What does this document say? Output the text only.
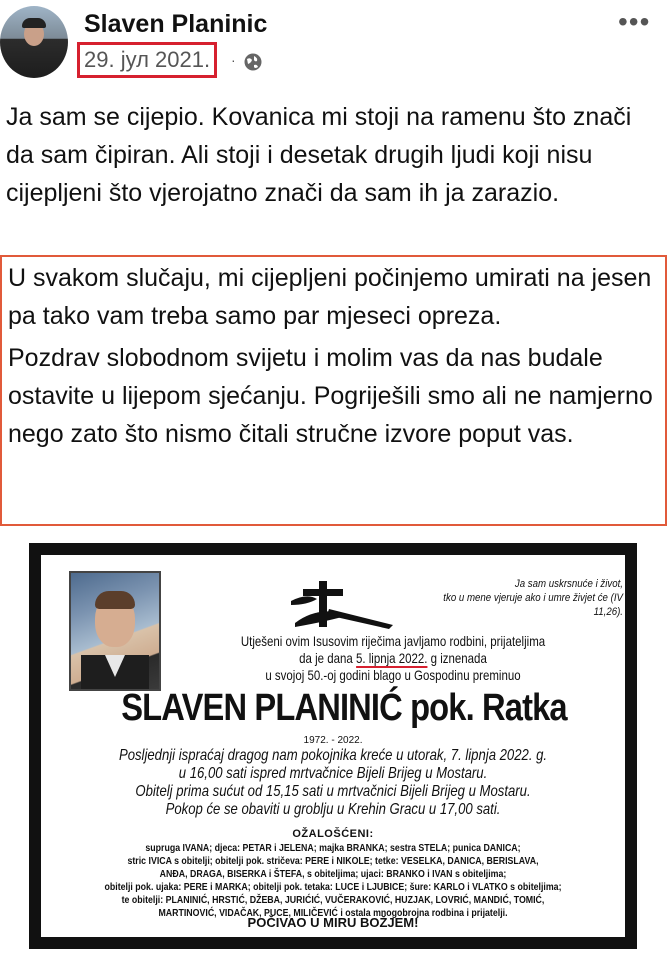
Slaven Planinic	•••
29. јул 2021.	·

Ja sam se cijepio. Kovanica mi stoji na ramenu što znači da sam čipiran. Ali stoji i desetak drugih ljudi koji nisu cijepljeni što vjerojatno znači da sam ih ja zarazio.

U svakom slučaju, mi cijepljeni počinjemo umirati na jesen pa tako vam treba samo par mjeseci opreza.

Pozdrav slobodnom svijetu i molim vas da nas budale ostavite u lijepom sjećanju. Pogriješili smo ali ne namjerno nego zato što nismo čitali stručne izvore poput vas.

Ja sam uskrsnuće i život,
tko u mene vjeruje ako i umre živjet će (IV 11,26).
Utješeni ovim Isusovim riječima javljamo rodbini, prijateljima
da je dana 5. lipnja 2022. g iznenada
u svojoj 50.-oj godini blago u Gospodinu preminuo
SLAVEN PLANINIĆ pok. Ratka
1972. - 2022.
Posljednji ispraćaj dragog nam pokojnika kreće u utorak, 7. lipnja 2022. g.
u 16,00 sati ispred mrtvačnice Bijeli Brijeg u Mostaru.
Obitelj prima sućut od 15,15 sati u mrtvačnici Bijeli Brijeg u Mostaru.
Pokop će se obaviti u groblju u Krehin Gracu u 17,00 sati.
OŽALOŠĆENI:
supruga IVANA; djeca: PETAR i JELENA; majka BRANKA; sestra STELA; punica DANICA;
stric IVICA s obitelji; obitelji pok. stričeva: PERE i NIKOLE; tetke: VESELKA, DANICA, BERISLAVA,
ANĐA, DRAGA, BISERKA i ŠTEFA, s obiteljima; ujaci: BRANKO i IVAN s obiteljima;
obitelji pok. ujaka: PERE i MARKA; obitelji pok. tetaka: LUCE i LJUBICE; šure: KARLO i VLATKO s obiteljima;
te obitelji: PLANINIĆ, HRSTIĆ, DŽEBA, JURIĆIĆ, VUČERAKOVIĆ, HUZJAK, LOVRIĆ, MANDIĆ, TOMIĆ,
MARTINOVIĆ, VIDAČAK, PUCE, MILIČEVIĆ i ostala mnogobrojna rodbina i prijatelji.
POČIVAO U MIRU BOŽJEM!
